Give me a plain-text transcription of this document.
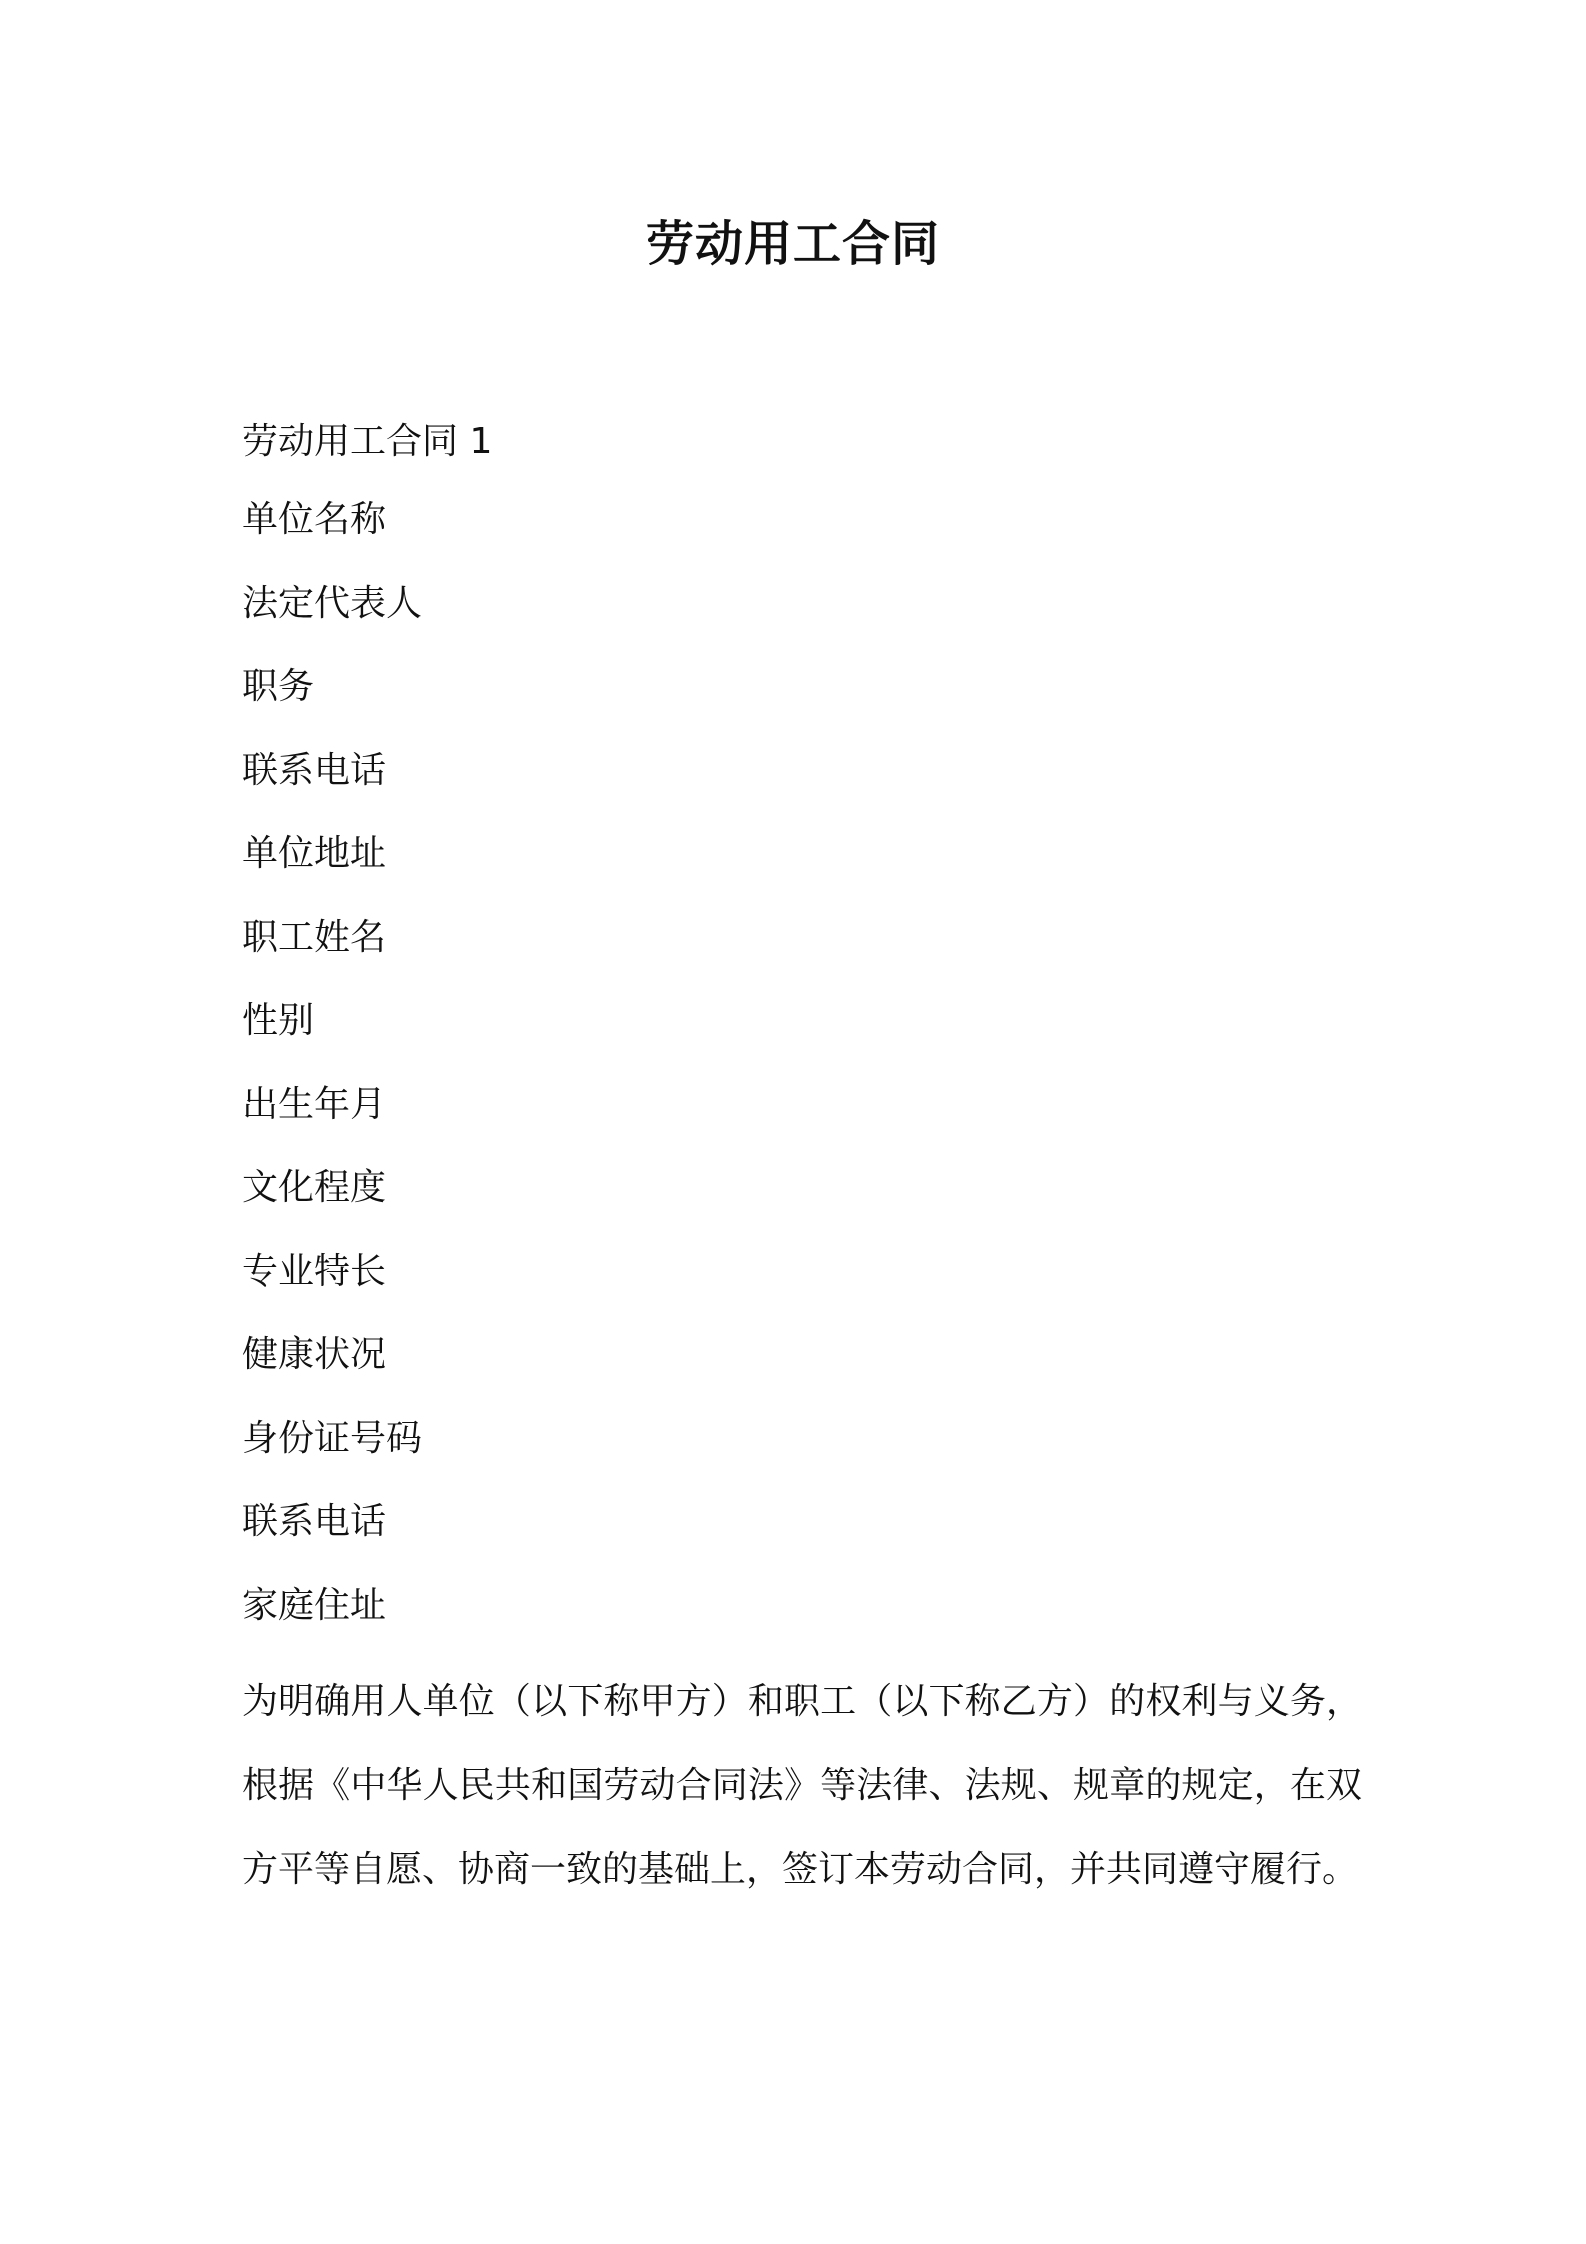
劳动用工合同
劳动用工合同 1
单位名称
法定代表人
职务
联系电话
单位地址
职工姓名
性别
出生年月
文化程度
专业特长
健康状况
身份证号码
联系电话
家庭住址

为明确用人单位（以下称甲方）和职工（以下称乙方）的权利与义务，根据《中华人民共和国劳动合同法》等法律、法规、规章的规定，在双方平等自愿、协商一致的基础上，签订本劳动合同，并共同遵守履行。
